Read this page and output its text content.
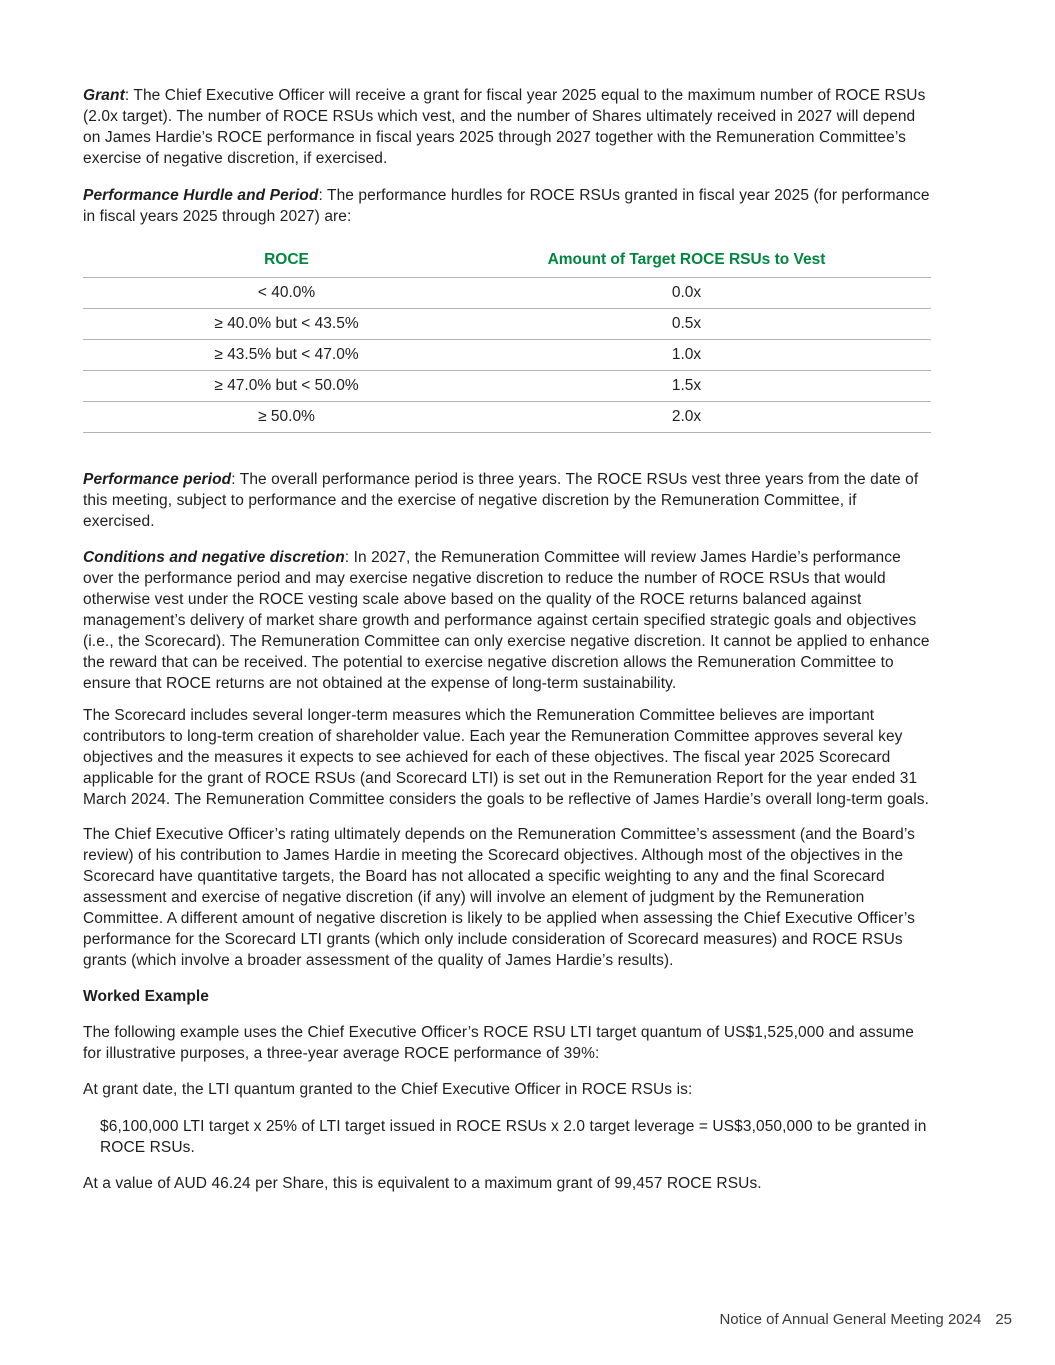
Grant: The Chief Executive Officer will receive a grant for fiscal year 2025 equal to the maximum number of ROCE RSUs (2.0x target). The number of ROCE RSUs which vest, and the number of Shares ultimately received in 2027 will depend on James Hardie’s ROCE performance in fiscal years 2025 through 2027 together with the Remuneration Committee’s exercise of negative discretion, if exercised.

Performance Hurdle and Period: The performance hurdles for ROCE RSUs granted in fiscal year 2025 (for performance in fiscal years 2025 through 2027) are:

ROCE	Amount of Target ROCE RSUs to Vest
< 40.0%	0.0x
≥ 40.0% but < 43.5%	0.5x
≥ 43.5% but < 47.0%	1.0x
≥ 47.0% but < 50.0%	1.5x
≥ 50.0%	2.0x

Performance period: The overall performance period is three years. The ROCE RSUs vest three years from the date of this meeting, subject to performance and the exercise of negative discretion by the Remuneration Committee, if exercised.

Conditions and negative discretion: In 2027, the Remuneration Committee will review James Hardie’s performance over the performance period and may exercise negative discretion to reduce the number of ROCE RSUs that would otherwise vest under the ROCE vesting scale above based on the quality of the ROCE returns balanced against management’s delivery of market share growth and performance against certain specified strategic goals and objectives (i.e., the Scorecard). The Remuneration Committee can only exercise negative discretion. It cannot be applied to enhance the reward that can be received. The potential to exercise negative discretion allows the Remuneration Committee to ensure that ROCE returns are not obtained at the expense of long-term sustainability.

The Scorecard includes several longer-term measures which the Remuneration Committee believes are important contributors to long-term creation of shareholder value. Each year the Remuneration Committee approves several key objectives and the measures it expects to see achieved for each of these objectives. The fiscal year 2025 Scorecard applicable for the grant of ROCE RSUs (and Scorecard LTI) is set out in the Remuneration Report for the year ended 31 March 2024. The Remuneration Committee considers the goals to be reflective of James Hardie’s overall long-term goals.

The Chief Executive Officer’s rating ultimately depends on the Remuneration Committee’s assessment (and the Board’s review) of his contribution to James Hardie in meeting the Scorecard objectives. Although most of the objectives in the Scorecard have quantitative targets, the Board has not allocated a specific weighting to any and the final Scorecard assessment and exercise of negative discretion (if any) will involve an element of judgment by the Remuneration Committee. A different amount of negative discretion is likely to be applied when assessing the Chief Executive Officer’s performance for the Scorecard LTI grants (which only include consideration of Scorecard measures) and ROCE RSUs grants (which involve a broader assessment of the quality of James Hardie’s results).

Worked Example

The following example uses the Chief Executive Officer’s ROCE RSU LTI target quantum of US$1,525,000 and assume for illustrative purposes, a three-year average ROCE performance of 39%:

At grant date, the LTI quantum granted to the Chief Executive Officer in ROCE RSUs is:

$6,100,000 LTI target x 25% of LTI target issued in ROCE RSUs x 2.0 target leverage = US$3,050,000 to be granted in ROCE RSUs.

At a value of AUD 46.24 per Share, this is equivalent to a maximum grant of 99,457 ROCE RSUs.

Notice of Annual General Meeting 2024 25
